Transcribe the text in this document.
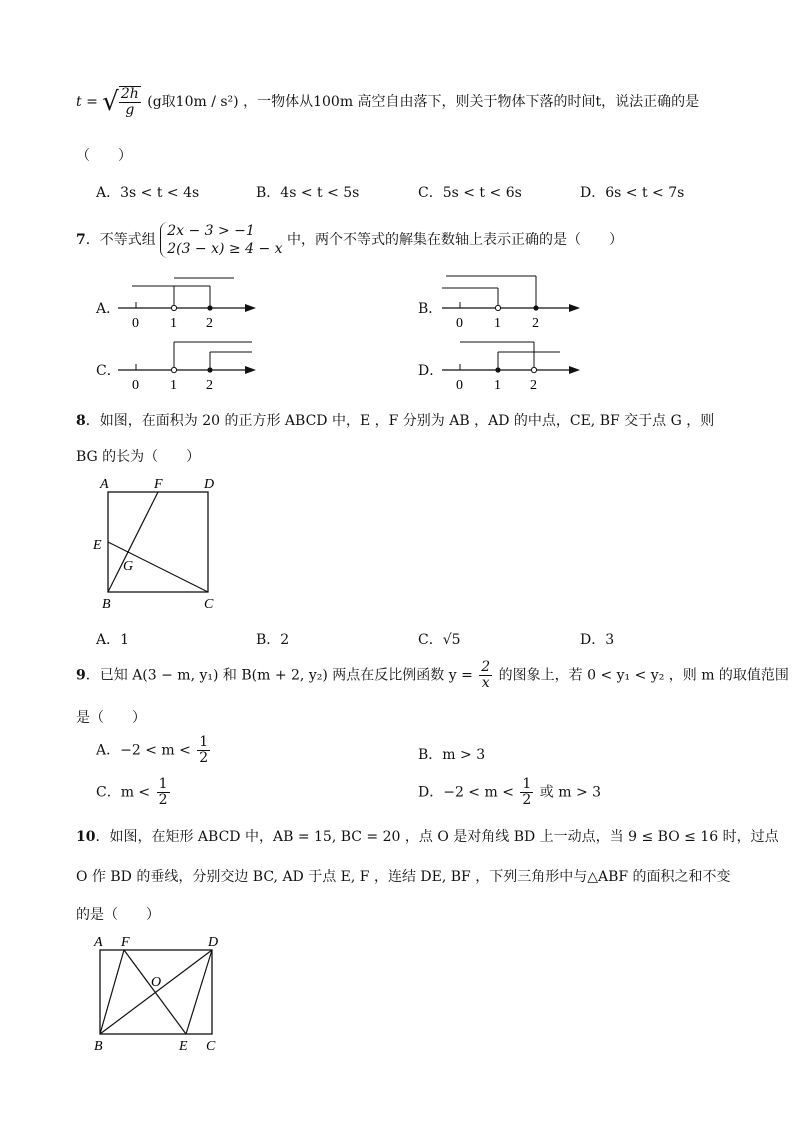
t = √ $\frac{2h}{g} (g$取10m / s²) ，一物体从100m 高空自由落下，则关于物体下落的时间t，说法正确的是
（　　）
A．3s < t < 4s	B．4s < t < 5s	C．5s < t < 6s	D．6s < t < 7s
7．不等式组
2x − 3 > −1
2(3 − x) ≥ 4 − x
中，两个不等式的解集在数轴上表示正确的是（　　）
A．	B．
C．	D．
0 1 2	0 1 2
0 1 2	0 1 2
8．如图，在面积为 20 的正方形 ABCD 中，E ，F 分别为 AB ，AD 的中点，CE, BF 交于点 G ，则
BG 的长为（　　）
A	F	D
E
G
B	C
A．1	B．2	C．√5	D．3
9．已知 A(3 − m, y₁) 和 B(m + 2, y₂) 两点在反比例函数 $y = \frac{2}{x}$ 的图象上，若 0 < y₁ < y₂ ，则 m 的取值范围
是（　　）
A．$-2 < m < \frac{1}{2}$	B．m > 3
C．$m < \frac{1}{2}$	D．$-2 < m < \frac{1}{2}$ 或 m > 3
10．如图，在矩形 ABCD 中，AB = 15, BC = 20 ，点 O 是对角线 BD 上一动点，当 9 ≤ BO ≤ 16 时，过点
O 作 BD 的垂线，分别交边 BC, AD 于点 E, F ，连结 DE, BF ，下列三角形中与△ABF 的面积之和不变
的是（　　）
A F	D
O
B	E C
